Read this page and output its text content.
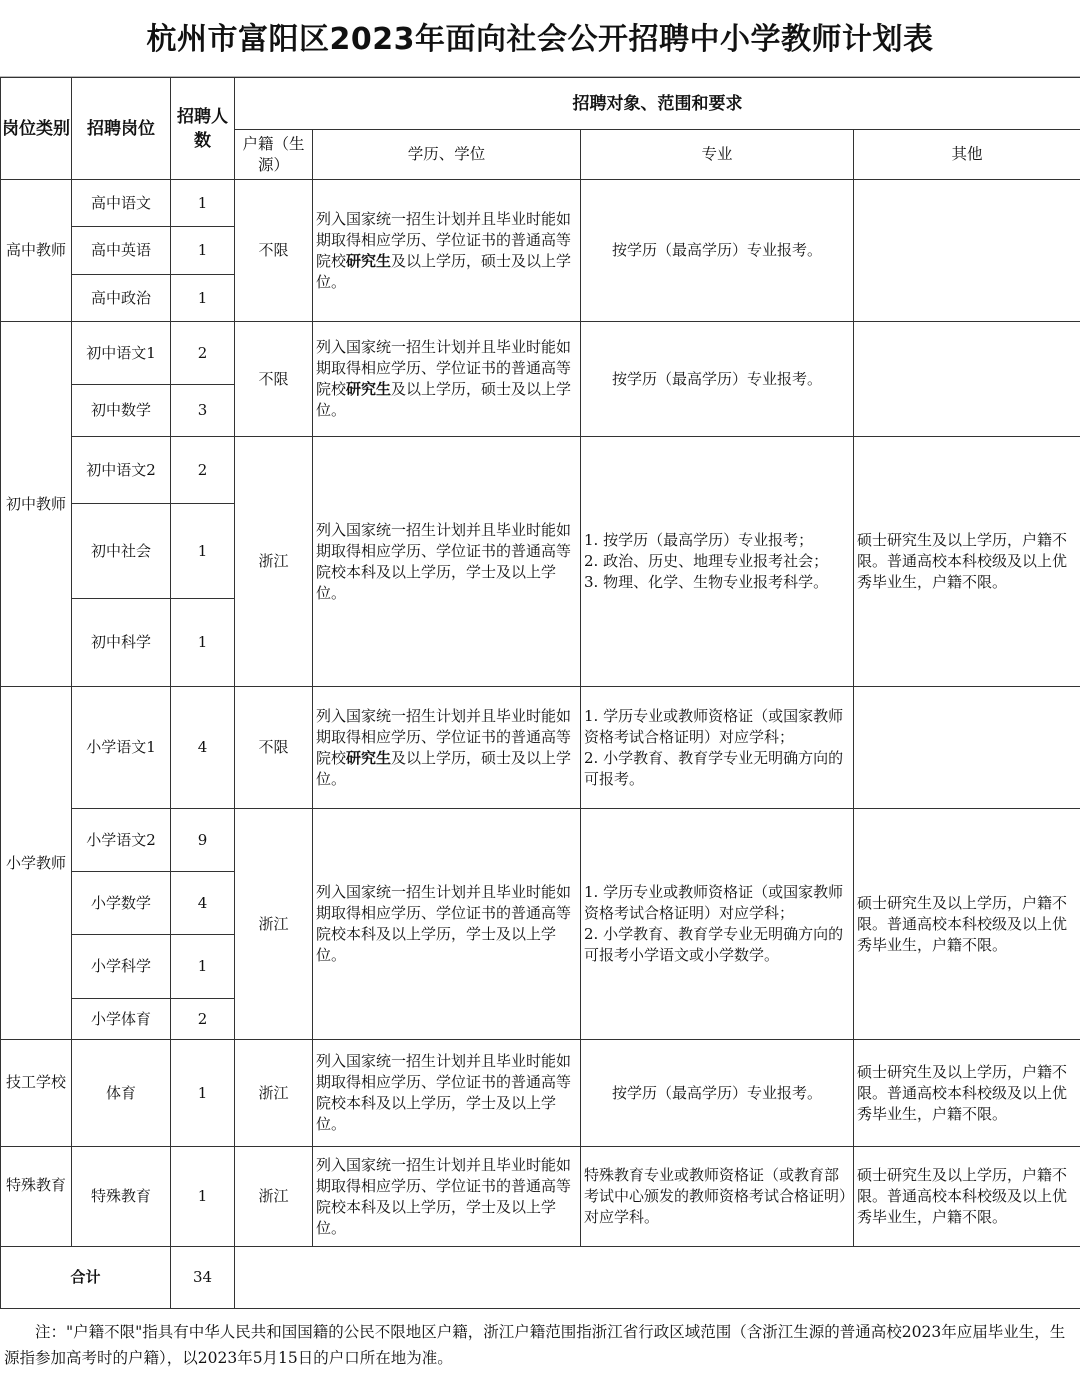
杭州市富阳区2023年面向社会公开招聘中小学教师计划表
岗位类别	招聘岗位	招聘人数	招聘对象、范围和要求			
			户籍（生源）	学历、学位	专业	其他
高中教师	高中语文	1	不限	列入国家统一招生计划并且毕业时能如期取得相应学历、学位证书的普通高等院校研究生及以上学历，硕士及以上学位。	按学历（最高学历）专业报考。	
	高中英语	1				
	高中政治	1				
初中教师	初中语文1	2	不限	列入国家统一招生计划并且毕业时能如期取得相应学历、学位证书的普通高等院校研究生及以上学历，硕士及以上学位。	按学历（最高学历）专业报考。	
	初中数学	3				
	初中语文2	2	浙江	列入国家统一招生计划并且毕业时能如期取得相应学历、学位证书的普通高等院校本科及以上学历，学士及以上学位。	1. 按学历（最高学历）专业报考；
2. 政治、历史、地理专业报考社会；
3. 物理、化学、生物专业报考科学。	硕士研究生及以上学历，户籍不限。普通高校本科校级及以上优秀毕业生，户籍不限。
	初中社会	1				
	初中科学	1				
小学教师	小学语文1	4	不限	列入国家统一招生计划并且毕业时能如期取得相应学历、学位证书的普通高等院校研究生及以上学历，硕士及以上学位。	1. 学历专业或教师资格证（或国家教师资格考试合格证明）对应学科；
2. 小学教育、教育学专业无明确方向的可报考。	
	小学语文2	9	浙江	列入国家统一招生计划并且毕业时能如期取得相应学历、学位证书的普通高等院校本科及以上学历，学士及以上学位。	1. 学历专业或教师资格证（或国家教师资格考试合格证明）对应学科；
2. 小学教育、教育学专业无明确方向的可报考小学语文或小学数学。	硕士研究生及以上学历，户籍不限。普通高校本科校级及以上优秀毕业生，户籍不限。
	小学数学	4				
	小学科学	1				
	小学体育	2				
技工学校	体育	1	浙江	列入国家统一招生计划并且毕业时能如期取得相应学历、学位证书的普通高等院校本科及以上学历，学士及以上学位。	按学历（最高学历）专业报考。	硕士研究生及以上学历，户籍不限。普通高校本科校级及以上优秀毕业生，户籍不限。
特殊教育	特殊教育	1	浙江	列入国家统一招生计划并且毕业时能如期取得相应学历、学位证书的普通高等院校本科及以上学历，学士及以上学位。	特殊教育专业或教师资格证（或教育部考试中心颁发的教师资格考试合格证明）对应学科。	硕士研究生及以上学历，户籍不限。普通高校本科校级及以上优秀毕业生，户籍不限。
合计		34				
注："户籍不限"指具有中华人民共和国国籍的公民不限地区户籍，浙江户籍范围指浙江省行政区域范围（含浙江生源的普通高校2023年应届毕业生，生源指参加高考时的户籍），以2023年5月15日的户口所在地为准。
